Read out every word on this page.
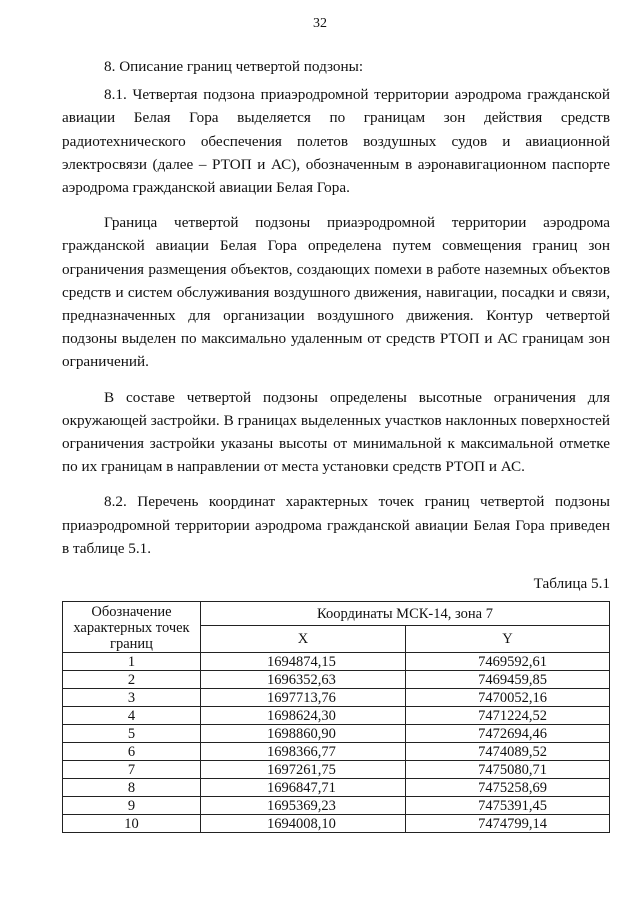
32

8. Описание границ четвертой подзоны:

8.1. Четвертая подзона приаэродромной территории аэродрома гражданской авиации Белая Гора выделяется по границам зон действия средств радиотехнического обеспечения полетов воздушных судов и авиационной электросвязи (далее – РТОП и АС), обозначенным в аэронавигационном паспорте аэродрома гражданской авиации Белая Гора.

Граница четвертой подзоны приаэродромной территории аэродрома гражданской авиации Белая Гора определена путем совмещения границ зон ограничения размещения объектов, создающих помехи в работе наземных объектов средств и систем обслуживания воздушного движения, навигации, посадки и связи, предназначенных для организации воздушного движения. Контур четвертой подзоны выделен по максимально удаленным от средств РТОП и АС границам зон ограничений.

В составе четвертой подзоны определены высотные ограничения для окружающей застройки. В границах выделенных участков наклонных поверхностей ограничения застройки указаны высоты от минимальной к максимальной отметке по их границам в направлении от места установки средств РТОП и АС.

8.2. Перечень координат характерных точек границ четвертой подзоны приаэродромной территории аэродрома гражданской авиации Белая Гора приведен в таблице 5.1.

Таблица 5.1
Обозначение характерных точек границ	Координаты МСК-14, зона 7	
	X	Y
1	1694874,15	7469592,61
2	1696352,63	7469459,85
3	1697713,76	7470052,16
4	1698624,30	7471224,52
5	1698860,90	7472694,46
6	1698366,77	7474089,52
7	1697261,75	7475080,71
8	1696847,71	7475258,69
9	1695369,23	7475391,45
10	1694008,10	7474799,14
